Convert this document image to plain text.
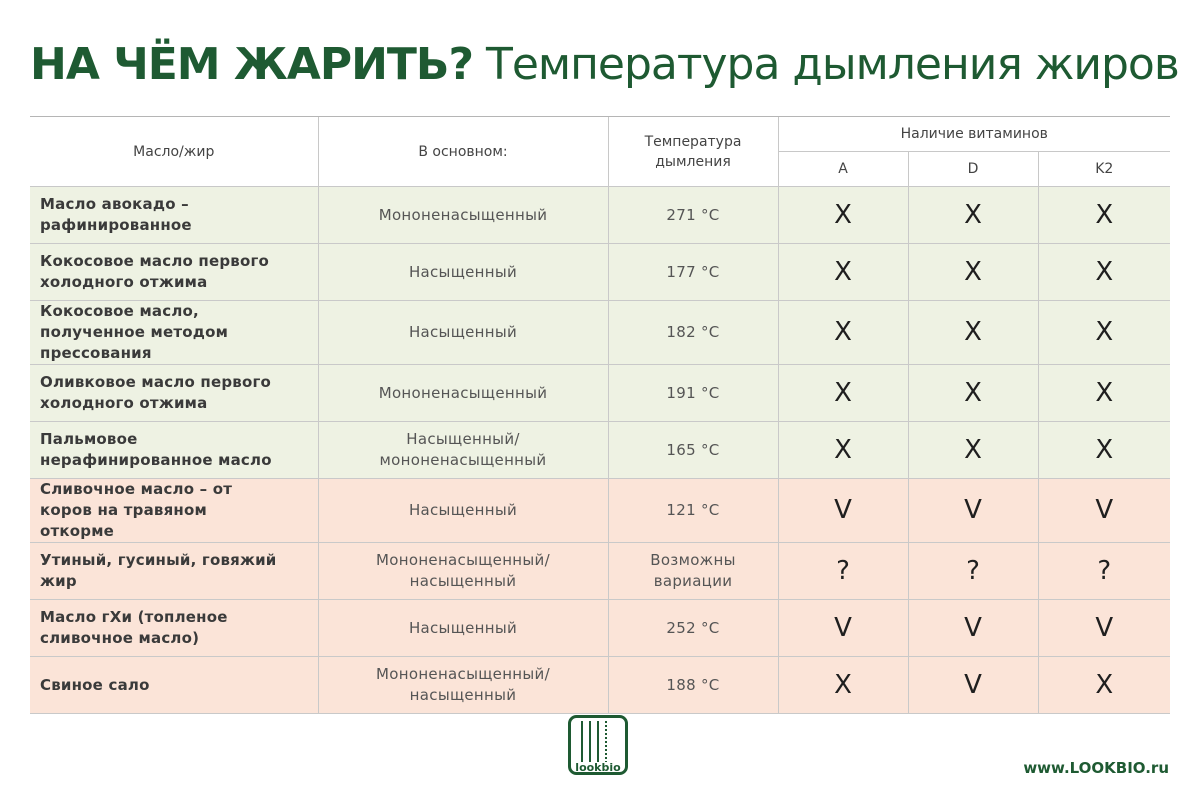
НА ЧЁМ ЖАРИТЬ? Температура дымления жиров
Масло/жир	В основном:	Температура дымления	Наличие витаминов		
			A	D	K2
Масло авокадо – рафинированное	Мононенасыщенный	271 °C	X	X	X
Кокосовое масло первого холодного отжима	Насыщенный	177 °C	X	X	X
Кокосовое масло, полученное методом прессования	Насыщенный	182 °C	X	X	X
Оливковое масло первого холодного отжима	Мононенасыщенный	191 °C	X	X	X
Пальмовое нерафинированное масло	Насыщенный/ мононенасыщенный	165 °C	X	X	X
Сливочное масло – от коров на травяном откорме	Насыщенный	121 °C	V	V	V
Утиный, гусиный, говяжий жир	Мононенасыщенный/ насыщенный	Возможны вариации	?	?	?
Масло гХи (топленое сливочное масло)	Насыщенный	252 °C	V	V	V
Свиное сало	Мононенасыщенный/ насыщенный	188 °C	X	V	X
lookbio	www.LOOKBIO.ru
